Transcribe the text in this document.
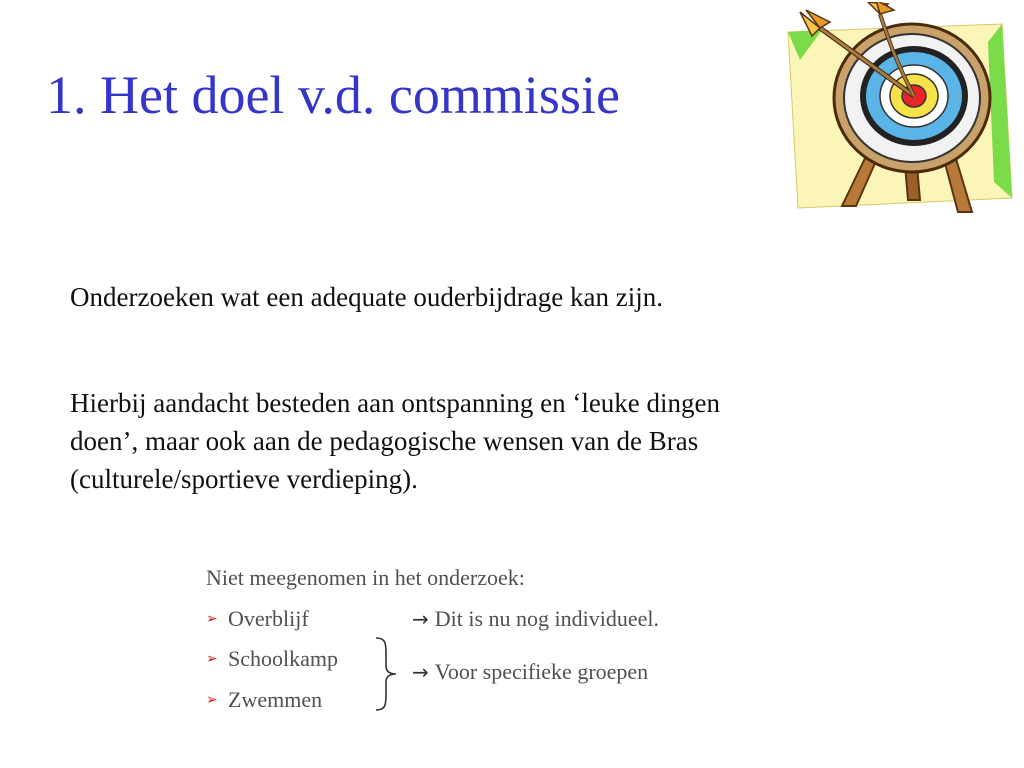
1. Het doel v.d. commissie
Onderzoeken wat een adequate ouderbijdrage kan zijn.
Hierbij aandacht besteden aan ontspanning en ‘leuke dingen
doen’, maar ook aan de pedagogische wensen van de Bras
(culturele/sportieve verdieping).
Niet meegenomen in het onderzoek:
➢ Overblijf
➢ Schoolkamp
➢ Zwemmen
→ Dit is nu nog individueel.
→ Voor specifieke groepen
